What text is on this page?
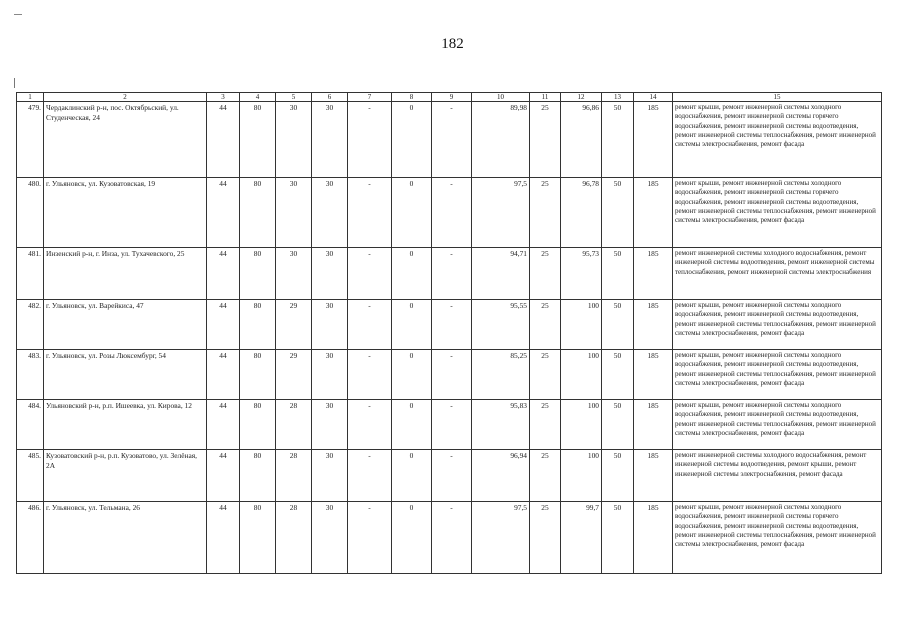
182
1	2	3	4	5	6	7	8	9	10	11	12	13	14	15
479.	Чердаклинский р-н, пос. Октябрьский, ул. Студенческая, 24	44	80	30	30	-	0	-	89,98	25	96,86	50	185	ремонт крыши, ремонт инженерной системы холодного водоснабжения, ремонт инженерной системы горячего водоснабжения, ремонт инженерной системы водоотведения, ремонт инженерной системы теплоснабжения, ремонт инженерной системы электроснабжения, ремонт фасада
480.	г. Ульяновск, ул. Кузоватовская, 19	44	80	30	30	-	0	-	97,5	25	96,78	50	185	ремонт крыши, ремонт инженерной системы холодного водоснабжения, ремонт инженерной системы горячего водоснабжения, ремонт инженерной системы водоотведения, ремонт инженерной системы теплоснабжения, ремонт инженерной системы электроснабжения, ремонт фасада
481.	Инзенский р-н, г. Инза, ул. Тухачевского, 25	44	80	30	30	-	0	-	94,71	25	95,73	50	185	ремонт инженерной системы холодного водоснабжения, ремонт инженерной системы водоотведения, ремонт инженерной системы теплоснабжения, ремонт инженерной системы электроснабжения
482.	г. Ульяновск, ул. Варейкиса, 47	44	80	29	30	-	0	-	95,55	25	100	50	185	ремонт крыши, ремонт инженерной системы холодного водоснабжения, ремонт инженерной системы водоотведения, ремонт инженерной системы теплоснабжения, ремонт инженерной системы электроснабжения, ремонт фасада
483.	г. Ульяновск, ул. Розы Люксембург, 54	44	80	29	30	-	0	-	85,25	25	100	50	185	ремонт крыши, ремонт инженерной системы холодного водоснабжения, ремонт инженерной системы водоотведения, ремонт инженерной системы теплоснабжения, ремонт инженерной системы электроснабжения, ремонт фасада
484.	Ульяновский р-н, р.п. Ишеевка, ул. Кирова, 12	44	80	28	30	-	0	-	95,83	25	100	50	185	ремонт крыши, ремонт инженерной системы холодного водоснабжения, ремонт инженерной системы водоотведения, ремонт инженерной системы теплоснабжения, ремонт инженерной системы электроснабжения, ремонт фасада
485.	Кузоватовский р-н, р.п. Кузоватово, ул. Зелёная, 2А	44	80	28	30	-	0	-	96,94	25	100	50	185	ремонт инженерной системы холодного водоснабжения, ремонт инженерной системы водоотведения, ремонт крыши, ремонт инженерной системы электроснабжения, ремонт фасада
486.	г. Ульяновск, ул. Тельмана, 26	44	80	28	30	-	0	-	97,5	25	99,7	50	185	ремонт крыши, ремонт инженерной системы холодного водоснабжения, ремонт инженерной системы горячего водоснабжения, ремонт инженерной системы водоотведения, ремонт инженерной системы теплоснабжения, ремонт инженерной системы электроснабжения, ремонт фасада
